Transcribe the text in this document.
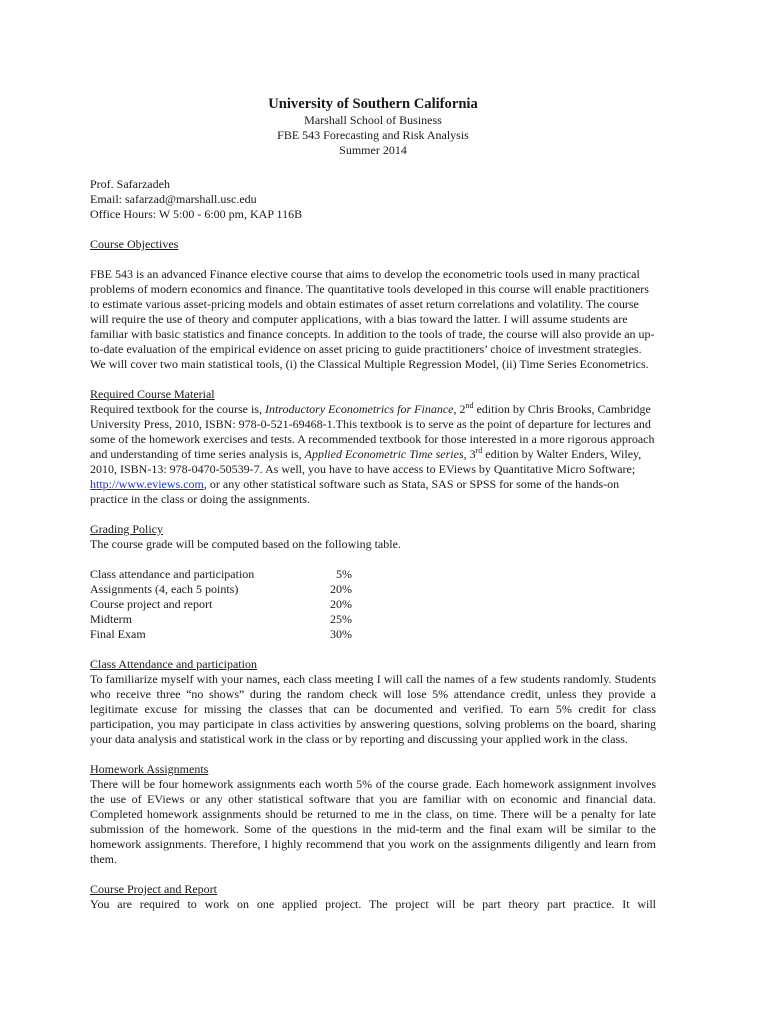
University of Southern California
Marshall School of Business
FBE 543 Forecasting and Risk Analysis
Summer 2014

Prof. Safarzadeh

Email: safarzad@marshall.usc.edu

Office Hours: W 5:00 - 6:00 pm, KAP 116B

Course Objectives

FBE 543 is an advanced Finance elective course that aims to develop the econometric tools used in many practical problems of modern economics and finance. The quantitative tools developed in this course will enable practitioners to estimate various asset-pricing models and obtain estimates of asset return correlations and volatility. The course will require the use of theory and computer applications, with a bias toward the latter. I will assume students are familiar with basic statistics and finance concepts. In addition to the tools of trade, the course will also provide an up-to-date evaluation of the empirical evidence on asset pricing to guide practitioners’ choice of investment strategies. We will cover two main statistical tools, (i) the Classical Multiple Regression Model, (ii) Time Series Econometrics.

Required Course Material

Required textbook for the course is, Introductory Econometrics for Finance, 2nd edition by Chris Brooks, Cambridge University Press, 2010, ISBN: 978-0-521-69468-1.This textbook is to serve as the point of departure for lectures and some of the homework exercises and tests. A recommended textbook for those interested in a more rigorous approach and understanding of time series analysis is, Applied Econometric Time series, 3rd edition by Walter Enders, Wiley, 2010, ISBN-13: 978-0470-50539-7. As well, you have to have access to EViews by Quantitative Micro Software; http://www.eviews.com, or any other statistical software such as Stata, SAS or SPSS for some of the hands-on practice in the class or doing the assignments.

Grading Policy

The course grade will be computed based on the following table.

Class attendance and participation	5%
Assignments (4, each 5 points)	20%
Course project and report	20%
Midterm	25%
Final Exam	30%

Class Attendance and participation

To familiarize myself with your names, each class meeting I will call the names of a few students randomly. Students who receive three “no shows” during the random check will lose 5% attendance credit, unless they provide a legitimate excuse for missing the classes that can be documented and verified. To earn 5% credit for class participation, you may participate in class activities by answering questions, solving problems on the board, sharing your data analysis and statistical work in the class or by reporting and discussing your applied work in the class.

Homework Assignments

There will be four homework assignments each worth 5% of the course grade. Each homework assignment involves the use of EViews or any other statistical software that you are familiar with on economic and financial data. Completed homework assignments should be returned to me in the class, on time. There will be a penalty for late submission of the homework. Some of the questions in the mid-term and the final exam will be similar to the homework assignments. Therefore, I highly recommend that you work on the assignments diligently and learn from them.

Course Project and Report

You are required to work on one applied project. The project will be part theory part practice. It will
